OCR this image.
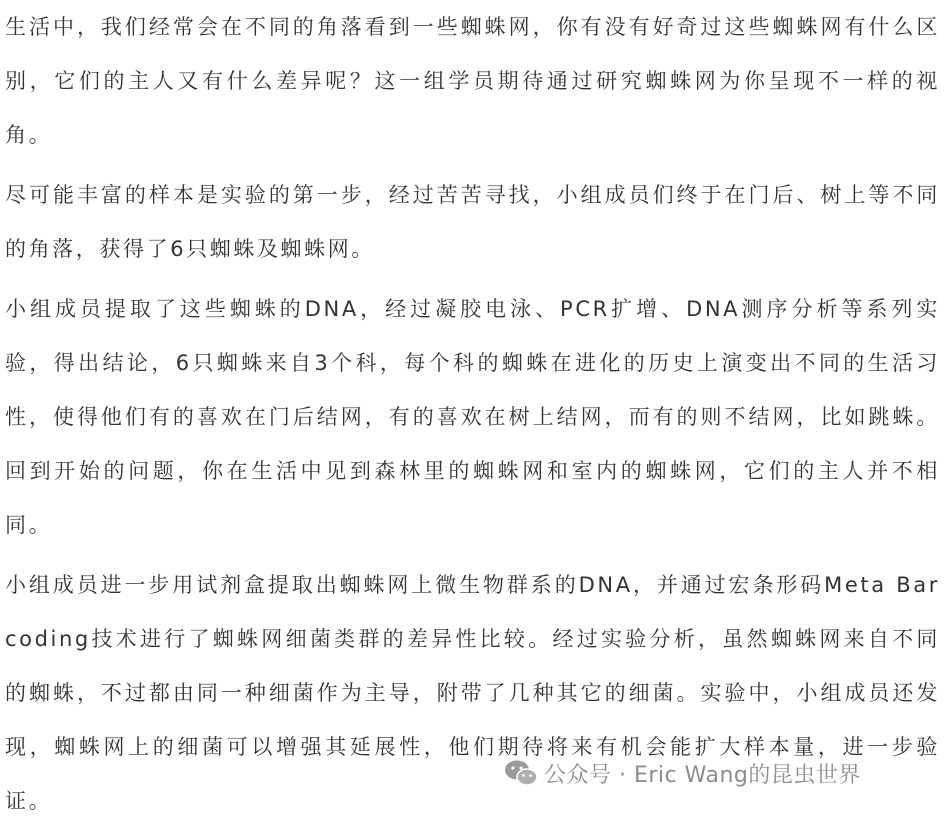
生活中，我们经常会在不同的角落看到一些蜘蛛网，你有没有好奇过这些蜘蛛网有什么区别，它们的主人又有什么差异呢？这一组学员期待通过研究蜘蛛网为你呈现不一样的视角。

尽可能丰富的样本是实验的第一步，经过苦苦寻找，小组成员们终于在门后、树上等不同的角落，获得了6只蜘蛛及蜘蛛网。

小组成员提取了这些蜘蛛的DNA，经过凝胶电泳、PCR扩增、DNA测序分析等系列实验，得出结论，6只蜘蛛来自3个科，每个科的蜘蛛在进化的历史上演变出不同的生活习性，使得他们有的喜欢在门后结网，有的喜欢在树上结网，而有的则不结网，比如跳蛛。回到开始的问题，你在生活中见到森林里的蜘蛛网和室内的蜘蛛网，它们的主人并不相同。

小组成员进一步用试剂盒提取出蜘蛛网上微生物群系的DNA，并通过宏条形码Meta Barcoding技术进行了蜘蛛网细菌类群的差异性比较。经过实验分析，虽然蜘蛛网来自不同的蜘蛛，不过都由同一种细菌作为主导，附带了几种其它的细菌。实验中，小组成员还发现，蜘蛛网上的细菌可以增强其延展性，他们期待将来有机会能扩大样本量，进一步验证。

公众号 · Eric Wang的昆虫世界
